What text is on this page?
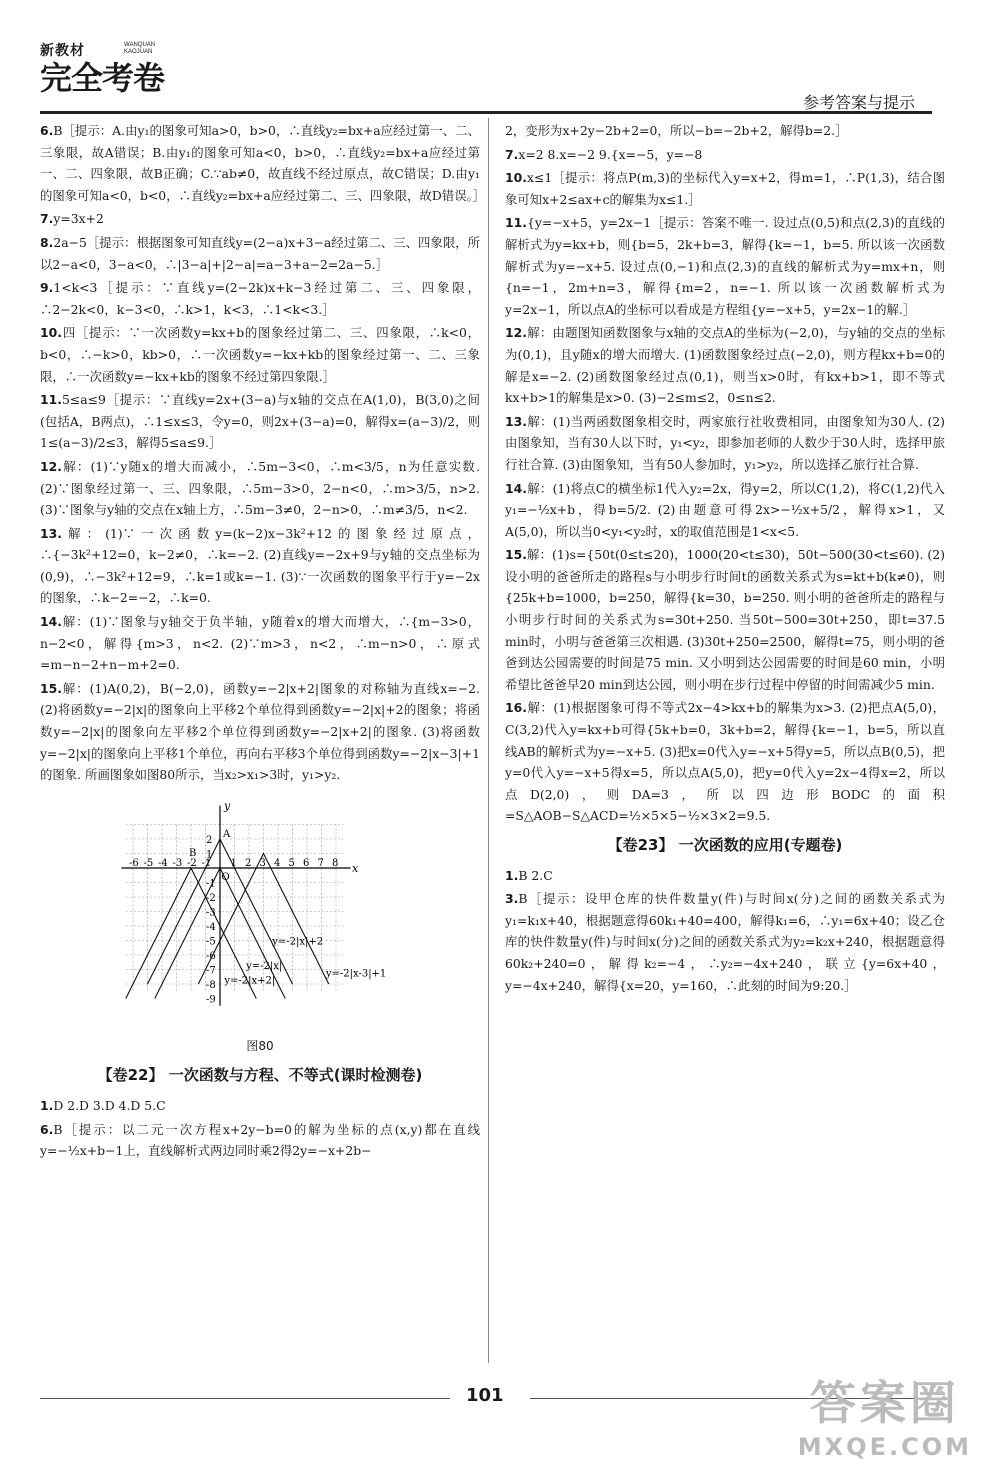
新教材	WANQUAN
KAOJUAN
完全考卷
参考答案与提示
6.B［提示：A.由y₁的图象可知a>0，b>0，∴直线y₂=bx+a应经过第一、二、三象限，故A错误；B.由y₁的图象可知a<0，b>0，∴直线y₂=bx+a应经过第一、二、四象限，故B正确；C.∵ab≠0，故直线不经过原点，故C错误；D.由y₁的图象可知a<0，b<0，∴直线y₂=bx+a应经过第二、三、四象限，故D错误。］
7.y=3x+2
8.2a−5［提示：根据图象可知直线y=(2−a)x+3−a经过第二、三、四象限，所以2−a<0，3−a<0，∴|3−a|+|2−a|=a−3+a−2=2a−5.］
9.1<k<3［提示：∵直线y=(2−2k)x+k−3经过第二、三、四象限，∴2−2k<0，k−3<0，∴k>1，k<3，∴1<k<3.］
10.四［提示：∵一次函数y=kx+b的图象经过第二、三、四象限，∴k<0，b<0，∴−k>0，kb>0，∴一次函数y=−kx+kb的图象经过第一、二、三象限，∴一次函数y=−kx+kb的图象不经过第四象限.］
11.5≤a≤9［提示：∵直线y=2x+(3−a)与x轴的交点在A(1,0)，B(3,0)之间(包括A，B两点)，∴1≤x≤3，令y=0，则2x+(3−a)=0，解得x=(a−3)/2，则1≤(a−3)/2≤3，解得5≤a≤9.］
12.解：(1)∵y随x的增大而减小，∴5m−3<0，∴m<3/5，n为任意实数. (2)∵图象经过第一、三、四象限，∴5m−3>0，2−n<0，∴m>3/5，n>2. (3)∵图象与y轴的交点在x轴上方，∴5m−3≠0，2−n>0，∴m≠3/5，n<2.
13.解：(1)∵一次函数y=(k−2)x−3k²+12的图象经过原点，∴{−3k²+12=0，k−2≠0，∴k=−2. (2)直线y=−2x+9与y轴的交点坐标为(0,9)，∴−3k²+12=9，∴k=1或k=−1. (3)∵一次函数的图象平行于y=−2x的图象，∴k−2=−2，∴k=0.
14.解：(1)∵图象与y轴交于负半轴，y随着x的增大而增大，∴{m−3>0，n−2<0，解得{m>3，n<2. (2)∵m>3，n<2，∴m−n>0，∴原式=m−n−2+n−m+2=0.
15.解：(1)A(0,2)，B(−2,0)，函数y=−2|x+2|图象的对称轴为直线x=−2. (2)将函数y=−2|x|的图象向上平移2个单位得到函数y=−2|x|+2的图象；将函数y=−2|x|的图象向左平移2个单位得到函数y=−2|x+2|的图象. (3)将函数y=−2|x|的图象向上平移1个单位，再向右平移3个单位得到函数y=−2|x−3|+1的图象. 所画图象如图80所示，当x₂>x₁>3时，y₁>y₂.
x
y
O
-6 -5 -4 -3 -2 -1 1 2 3 4 5 6 7 8
2
1
-1
-2
-3
-4
-5
-6
-7
-8
-9
A
B
y=-2|x|+2
y=-2|x|
y=-2|x+2|
y=-2|x-3|+1
图80
【卷22】 一次函数与方程、不等式(课时检测卷)
1.D 2.D 3.D 4.D 5.C
6.B［提示：以二元一次方程x+2y−b=0的解为坐标的点(x,y)都在直线y=−½x+b−1上，直线解析式两边同时乘2得2y=−x+2b−
2，变形为x+2y−2b+2=0，所以−b=−2b+2，解得b=2.］
7.x=2 8.x=−2 9.{x=−5，y=−8
10.x≤1［提示：将点P(m,3)的坐标代入y=x+2，得m=1，∴P(1,3)，结合图象可知x+2≤ax+c的解集为x≤1.］
11.{y=−x+5，y=2x−1［提示：答案不唯一. 设过点(0,5)和点(2,3)的直线的解析式为y=kx+b，则{b=5，2k+b=3，解得{k=−1，b=5. 所以该一次函数解析式为y=−x+5. 设过点(0,−1)和点(2,3)的直线的解析式为y=mx+n，则{n=−1，2m+n=3，解得{m=2，n=−1. 所以该一次函数解析式为y=2x−1，所以点A的坐标可以看成是方程组{y=−x+5，y=2x−1的解.］
12.解：由题图知函数图象与x轴的交点A的坐标为(−2,0)，与y轴的交点的坐标为(0,1)，且y随x的增大而增大. (1)函数图象经过点(−2,0)，则方程kx+b=0的解是x=−2. (2)函数图象经过点(0,1)，则当x>0时，有kx+b>1，即不等式kx+b>1的解集是x>0. (3)−2≤m≤2，0≤n≤2.
13.解：(1)当两函数图象相交时，两家旅行社收费相同，由图象知为30人. (2)由图象知，当有30人以下时，y₁<y₂，即参加老师的人数少于30人时，选择甲旅行社合算. (3)由图象知，当有50人参加时，y₁>y₂，所以选择乙旅行社合算.
14.解：(1)将点C的横坐标1代入y₂=2x，得y=2，所以C(1,2)，将C(1,2)代入y₁=−½x+b，得b=5/2. (2)由题意可得2x>−½x+5/2，解得x>1，又A(5,0)，所以当0<y₁<y₂时，x的取值范围是1<x<5.
15.解：(1)s={50t(0≤t≤20)，1000(20<t≤30)，50t−500(30<t≤60). (2)设小明的爸爸所走的路程s与小明步行时间t的函数关系式为s=kt+b(k≠0)，则{25k+b=1000，b=250，解得{k=30，b=250. 则小明的爸爸所走的路程与小明步行时间的关系式为s=30t+250. 当50t−500=30t+250，即t=37.5 min时，小明与爸爸第三次相遇. (3)30t+250=2500，解得t=75，则小明的爸爸到达公园需要的时间是75 min. 又小明到达公园需要的时间是60 min，小明希望比爸爸早20 min到达公园，则小明在步行过程中停留的时间需减少5 min.
16.解：(1)根据图象可得不等式2x−4>kx+b的解集为x>3. (2)把点A(5,0)，C(3,2)代入y=kx+b可得{5k+b=0，3k+b=2，解得{k=−1，b=5，所以直线AB的解析式为y=−x+5. (3)把x=0代入y=−x+5得y=5，所以点B(0,5)，把y=0代入y=−x+5得x=5，所以点A(5,0)，把y=0代入y=2x−4得x=2，所以点D(2,0)，则DA=3，所以四边形BODC的面积=S△AOB−S△ACD=½×5×5−½×3×2=9.5.
【卷23】 一次函数的应用(专题卷)
1.B 2.C
3.B［提示：设甲仓库的快件数量y(件)与时间x(分)之间的函数关系式为y₁=k₁x+40，根据题意得60k₁+40=400，解得k₁=6，∴y₁=6x+40；设乙仓库的快件数量y(件)与时间x(分)之间的函数关系式为y₂=k₂x+240，根据题意得60k₂+240=0，解得k₂=−4，∴y₂=−4x+240，联立{y=6x+40，y=−4x+240，解得{x=20，y=160，∴此刻的时间为9:20.］
101	答案圈
MXQE.COM
